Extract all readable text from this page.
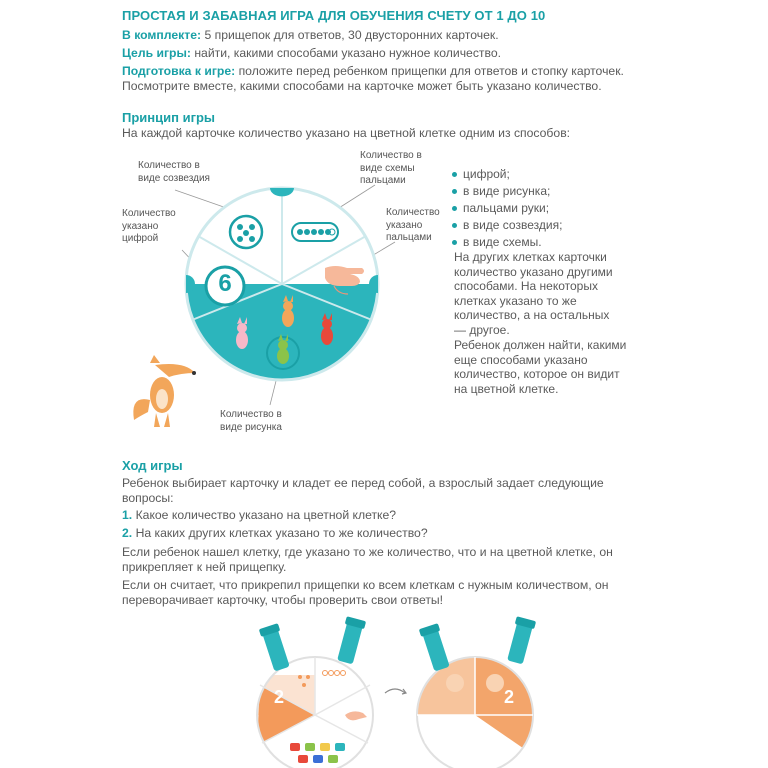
ПРОСТАЯ И ЗАБАВНАЯ ИГРА ДЛЯ ОБУЧЕНИЯ СЧЕТУ ОТ 1 ДО 10
В комплекте: 5 прищепок для ответов, 30 двусторонних карточек.
Цель игры: найти, какими способами указано нужное количество.
Подготовка к игре: положите перед ребенком прищепки для ответов и стопку карточек.
Посмотрите вместе, какими способами на карточке может быть указано количество.
Принцип игры
На каждой карточке количество указано на цветной клетке одним из способов:
Количество в
виде созвездия
Количество в
виде схемы
пальцами
Количество
указано
цифрой
Количество
указано
пальцами
Количество в
виде рисунка
6
цифрой;
в виде рисунка;
пальцами руки;
в виде созвездия;
в виде схемы.
На других клетках карточки
количество указано другими
способами. На некоторых
клетках указано то же
количество, а на остальных
— другое.
Ребенок должен найти, какими
еще способами указано
количество, которое он видит
на цветной клетке.
Ход игры
Ребенок выбирает карточку и кладет ее перед собой, а взрослый задает следующие
вопросы:
1. Какое количество указано на цветной клетке?
2. На каких других клетках указано то же количество?
Если ребенок нашел клетку, где указано то же количество, что и на цветной клетке, он
прикрепляет к ней прищепку.
Если он считает, что прикрепил прищепки ко всем клеткам с нужным количеством, он
переворачивает карточку, чтобы проверить свои ответы!
2	2
